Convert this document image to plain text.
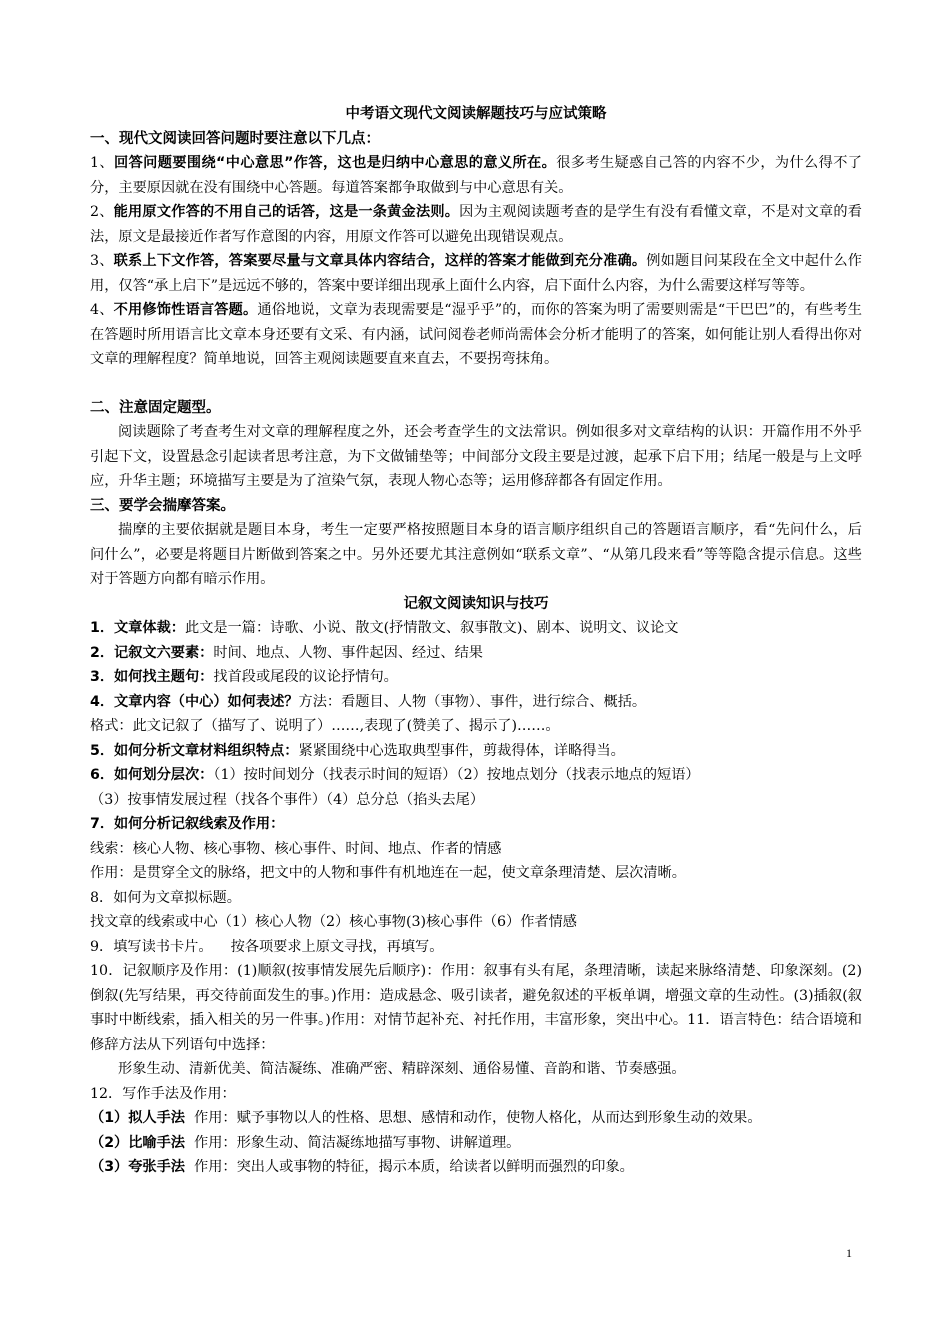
中考语文现代文阅读解题技巧与应试策略

一、现代文阅读回答问题时要注意以下几点：

1、回答问题要围绕“中心意思”作答，这也是归纳中心意思的意义所在。很多考生疑惑自己答的内容不少，为什么得不了分，主要原因就在没有围绕中心答题。每道答案都争取做到与中心意思有关。

2、能用原文作答的不用自己的话答，这是一条黄金法则。因为主观阅读题考查的是学生有没有看懂文章，不是对文章的看法，原文是最接近作者写作意图的内容，用原文作答可以避免出现错误观点。

3、联系上下文作答，答案要尽量与文章具体内容结合，这样的答案才能做到充分准确。例如题目问某段在全文中起什么作用，仅答“承上启下”是远远不够的，答案中要详细出现承上面什么内容，启下面什么内容，为什么需要这样写等等。

4、不用修饰性语言答题。通俗地说，文章为表现需要是“湿乎乎”的，而你的答案为明了需要则需是“干巴巴”的，有些考生在答题时所用语言比文章本身还要有文采、有内涵，试问阅卷老师尚需体会分析才能明了的答案，如何能让别人看得出你对文章的理解程度？简单地说，回答主观阅读题要直来直去，不要拐弯抹角。

二、注意固定题型。

阅读题除了考查考生对文章的理解程度之外，还会考查学生的文法常识。例如很多对文章结构的认识：开篇作用不外乎引起下文，设置悬念引起读者思考注意，为下文做铺垫等；中间部分文段主要是过渡，起承下启下用；结尾一般是与上文呼应，升华主题；环境描写主要是为了渲染气氛，表现人物心态等；运用修辞都各有固定作用。

三、要学会揣摩答案。

揣摩的主要依据就是题目本身，考生一定要严格按照题目本身的语言顺序组织自己的答题语言顺序，看“先问什么，后问什么”，必要是将题目片断做到答案之中。另外还要尤其注意例如“联系文章”、“从第几段来看”等等隐含提示信息。这些对于答题方向都有暗示作用。

记叙文阅读知识与技巧

1．文章体裁：此文是一篇：诗歌、小说、散文(抒情散文、叙事散文)、剧本、说明文、议论文

2．记叙文六要素：时间、地点、人物、事件起因、经过、结果

3．如何找主题句：找首段或尾段的议论抒情句。

4．文章内容（中心）如何表述？方法：看题目、人物（事物）、事件，进行综合、概括。

格式：此文记叙了（描写了、说明了）……,表现了(赞美了、揭示了)……。

5．如何分析文章材料组织特点：紧紧围绕中心选取典型事件，剪裁得体，详略得当。

6．如何划分层次：（1）按时间划分（找表示时间的短语）（2）按地点划分（找表示地点的短语）

（3）按事情发展过程（找各个事件）（4）总分总（掐头去尾）

7．如何分析记叙线索及作用：

线索：核心人物、核心事物、核心事件、时间、地点、作者的情感

作用：是贯穿全文的脉络，把文中的人物和事件有机地连在一起，使文章条理清楚、层次清晰。

8．如何为文章拟标题。

找文章的线索或中心（1）核心人物（2）核心事物(3)核心事件（6）作者情感

9．填写读书卡片。    按各项要求上原文寻找，再填写。

10．记叙顺序及作用：(1)顺叙(按事情发展先后顺序)：作用：叙事有头有尾，条理清晰，读起来脉络清楚、印象深刻。(2)倒叙(先写结果，再交待前面发生的事。)作用：造成悬念、吸引读者，避免叙述的平板单调，增强文章的生动性。(3)插叙(叙事时中断线索，插入相关的另一件事。)作用：对情节起补充、衬托作用，丰富形象，突出中心。11．语言特色：结合语境和修辞方法从下列语句中选择：

形象生动、清新优美、简洁凝练、准确严密、精辟深刻、通俗易懂、音韵和谐、节奏感强。

12．写作手法及作用：

（1）拟人手法 作用：赋予事物以人的性格、思想、感情和动作，使物人格化，从而达到形象生动的效果。

（2）比喻手法 作用：形象生动、简洁凝练地描写事物、讲解道理。

（3）夸张手法 作用：突出人或事物的特征，揭示本质，给读者以鲜明而强烈的印象。

1
